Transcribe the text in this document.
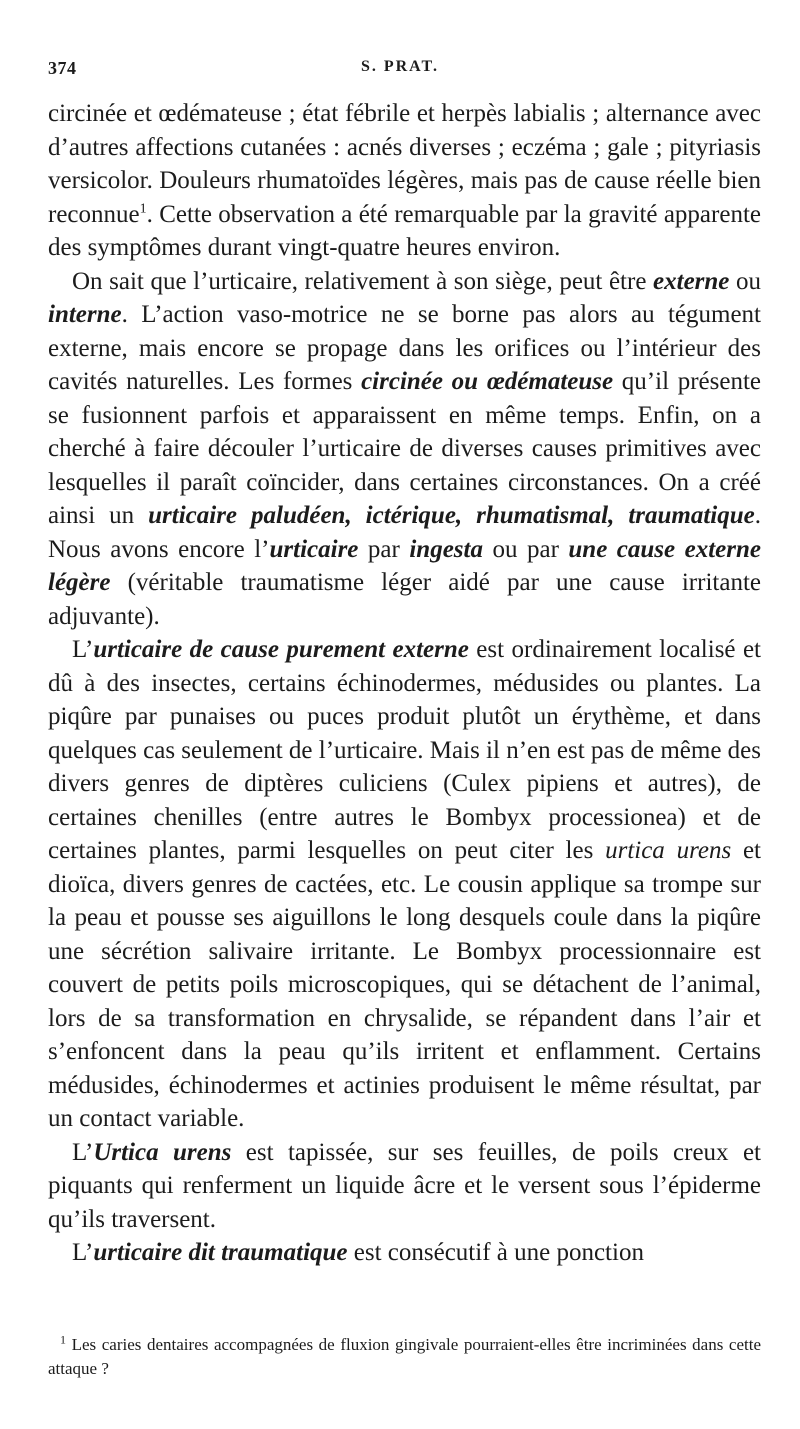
374	S. PRAT.

circinée et œdémateuse ; état fébrile et herpès labialis ; alternance avec d’autres affections cutanées : acnés diverses ; eczéma ; gale ; pityriasis versicolor. Douleurs rhumatoïdes légères, mais pas de cause réelle bien reconnue$^1$. Cette observation a été remarquable par la gravité apparente des symptômes durant vingt-quatre heures environ.

On sait que l’urticaire, relativement à son siège, peut être externe ou interne. L’action vaso-motrice ne se borne pas alors au tégument externe, mais encore se propage dans les orifices ou l’intérieur des cavités naturelles. Les formes circinée ou œdémateuse qu’il présente se fusionnent parfois et apparaissent en même temps. Enfin, on a cherché à faire découler l’urticaire de diverses causes primitives avec lesquelles il paraît coïncider, dans certaines circonstances. On a créé ainsi un urticaire paludéen, ictérique, rhumatismal, traumatique. Nous avons encore l’urticaire par ingesta ou par une cause externe légère (véritable traumatisme léger aidé par une cause irritante adjuvante).

L’urticaire de cause purement externe est ordinairement localisé et dû à des insectes, certains échinodermes, médusides ou plantes. La piqûre par punaises ou puces produit plutôt un érythème, et dans quelques cas seulement de l’urticaire. Mais il n’en est pas de même des divers genres de diptères culiciens (Culex pipiens et autres), de certaines chenilles (entre autres le Bombyx processionea) et de certaines plantes, parmi lesquelles on peut citer les urtica urens et dioïca, divers genres de cactées, etc. Le cousin applique sa trompe sur la peau et pousse ses aiguillons le long desquels coule dans la piqûre une sécrétion salivaire irritante. Le Bombyx processionnaire est couvert de petits poils microscopiques, qui se détachent de l’animal, lors de sa transformation en chrysalide, se répandent dans l’air et s’enfoncent dans la peau qu’ils irritent et enflamment. Certains médusides, échinodermes et actinies produisent le même résultat, par un contact variable.

L’Urtica urens est tapissée, sur ses feuilles, de poils creux et piquants qui renferment un liquide âcre et le versent sous l’épiderme qu’ils traversent.

L’urticaire dit traumatique est consécutif à une ponction

$^1$ Les caries dentaires accompagnées de fluxion gingivale pourraient-elles être incriminées dans cette attaque ?
